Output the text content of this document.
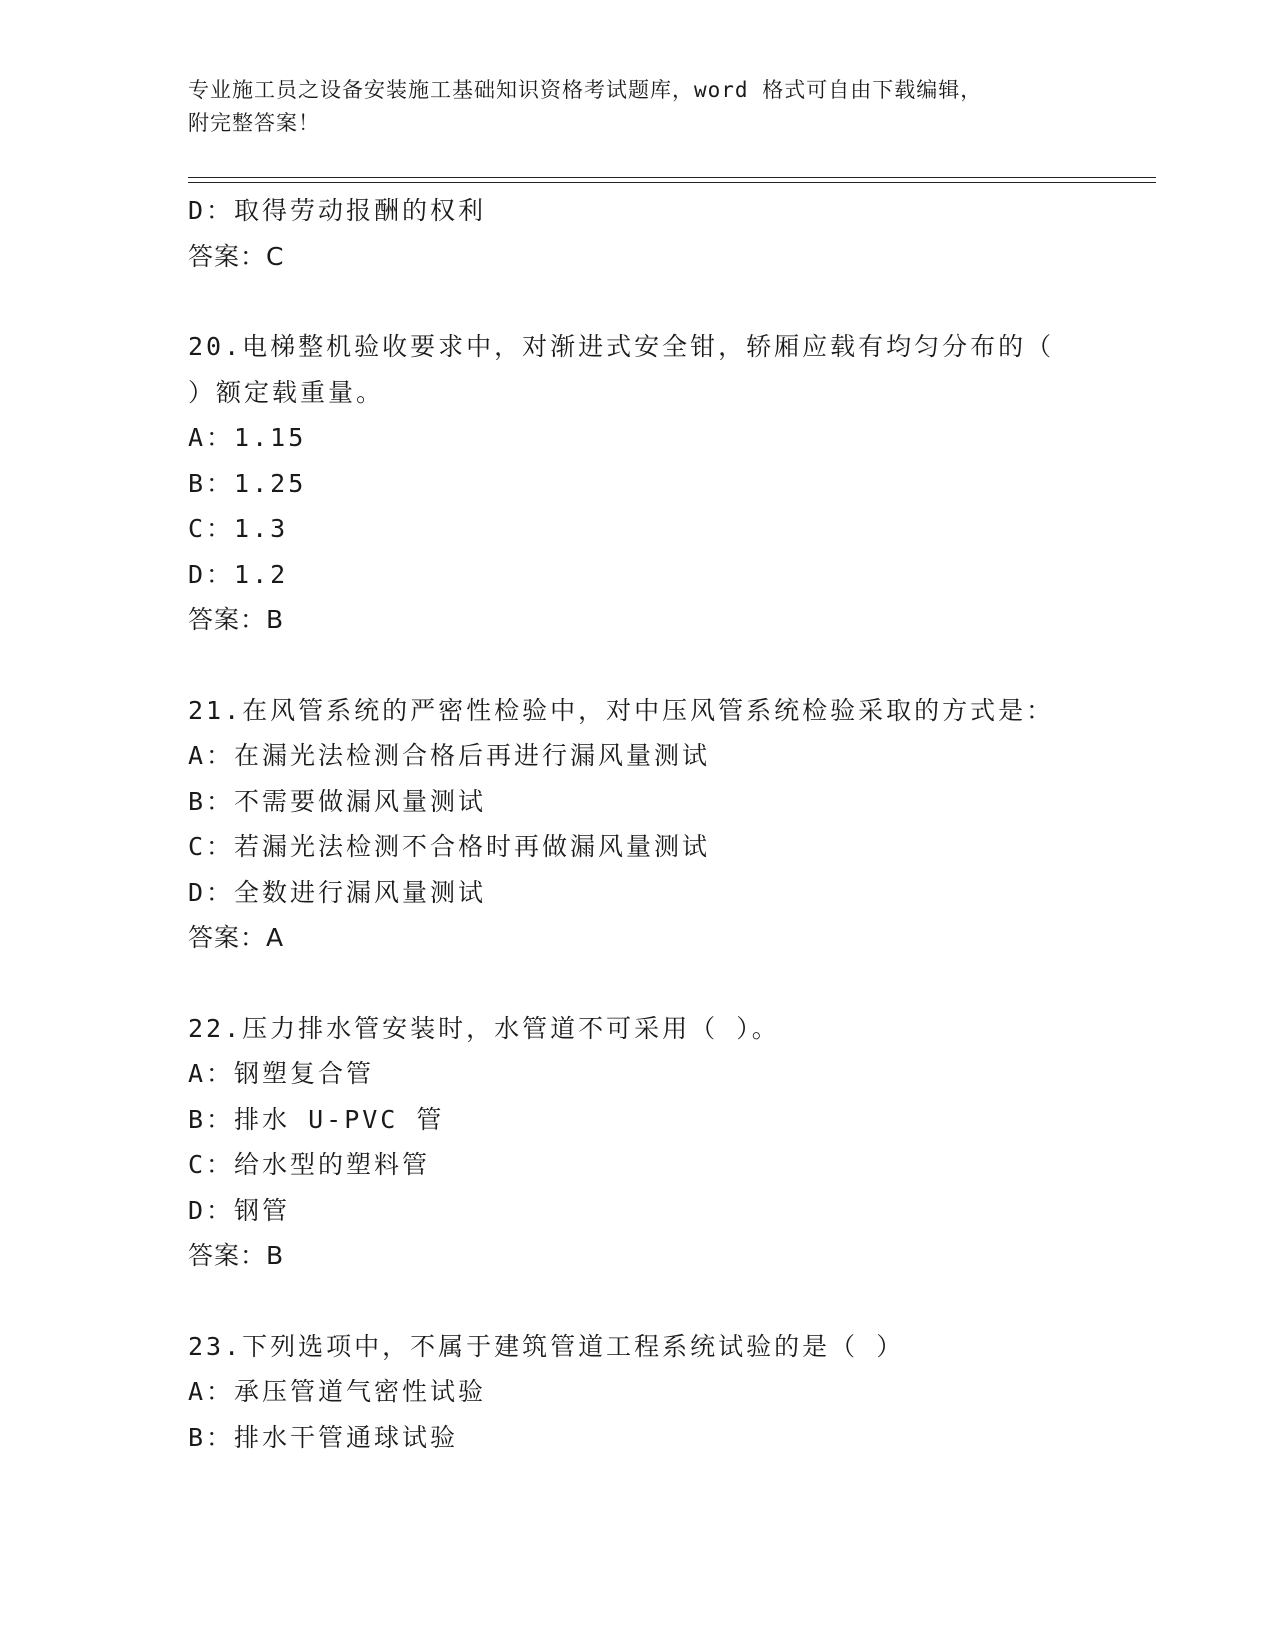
专业施工员之设备安装施工基础知识资格考试题库，word 格式可自由下载编辑，
附完整答案！
D：取得劳动报酬的权利
答案：C
20.电梯整机验收要求中，对渐进式安全钳，轿厢应载有均匀分布的（
）额定载重量。
A：1.15
B：1.25
C：1.3
D：1.2
答案：B
21.在风管系统的严密性检验中，对中压风管系统检验采取的方式是：
A：在漏光法检测合格后再进行漏风量测试
B：不需要做漏风量测试
C：若漏光法检测不合格时再做漏风量测试
D：全数进行漏风量测试
答案：A
22.压力排水管安装时，水管道不可采用（ ）。
A：钢塑复合管
B：排水 U-PVC 管
C：给水型的塑料管
D：钢管
答案：B
23.下列选项中，不属于建筑管道工程系统试验的是（ ）
A：承压管道气密性试验
B：排水干管通球试验
